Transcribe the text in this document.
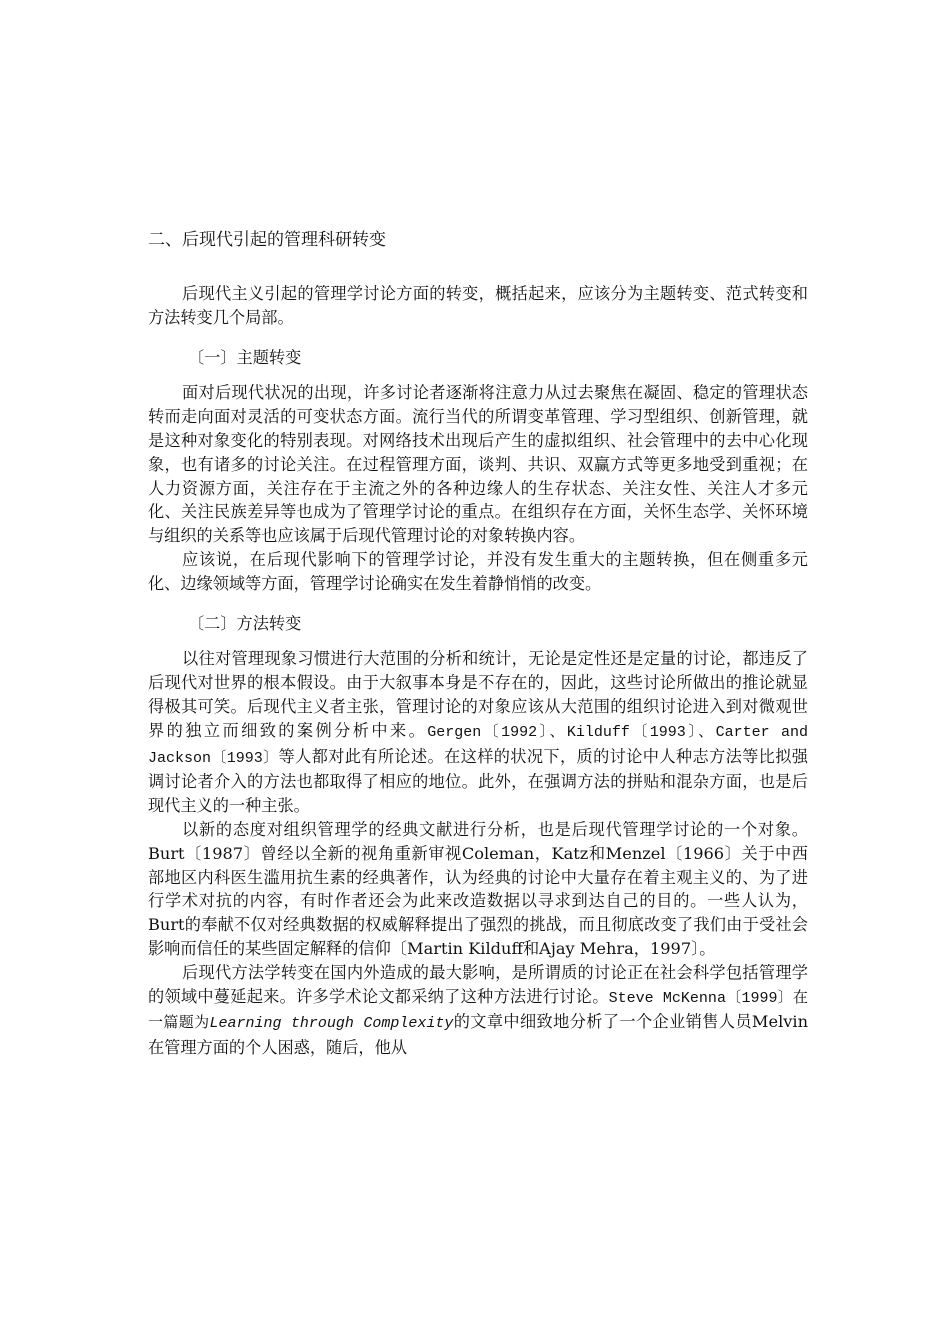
二、后现代引起的管理科研转变

后现代主义引起的管理学讨论方面的转变，概括起来，应该分为主题转变、范式转变和方法转变几个局部。

〔一〕主题转变

面对后现代状况的出现，许多讨论者逐渐将注意力从过去聚焦在凝固、稳定的管理状态转而走向面对灵活的可变状态方面。流行当代的所谓变革管理、学习型组织、创新管理，就是这种对象变化的特别表现。对网络技术出现后产生的虚拟组织、社会管理中的去中心化现象，也有诸多的讨论关注。在过程管理方面，谈判、共识、双赢方式等更多地受到重视；在人力资源方面，关注存在于主流之外的各种边缘人的生存状态、关注女性、关注人才多元化、关注民族差异等也成为了管理学讨论的重点。在组织存在方面，关怀生态学、关怀环境与组织的关系等也应该属于后现代管理讨论的对象转换内容。

应该说，在后现代影响下的管理学讨论，并没有发生重大的主题转换，但在侧重多元化、边缘领域等方面，管理学讨论确实在发生着静悄悄的改变。

〔二〕方法转变

以往对管理现象习惯进行大范围的分析和统计，无论是定性还是定量的讨论，都违反了后现代对世界的根本假设。由于大叙事本身是不存在的，因此，这些讨论所做出的推论就显得极其可笑。后现代主义者主张，管理讨论的对象应该从大范围的组织讨论进入到对微观世界的独立而细致的案例分析中来。Gergen〔1992〕、Kilduff〔1993〕、Carter and Jackson〔1993〕等人都对此有所论述。在这样的状况下，质的讨论中人种志方法等比拟强调讨论者介入的方法也都取得了相应的地位。此外，在强调方法的拼贴和混杂方面，也是后现代主义的一种主张。

以新的态度对组织管理学的经典文献进行分析，也是后现代管理学讨论的一个对象。Burt〔1987〕曾经以全新的视角重新审视Coleman，Katz和Menzel〔1966〕关于中西部地区内科医生滥用抗生素的经典著作，认为经典的讨论中大量存在着主观主义的、为了进行学术对抗的内容，有时作者还会为此来改造数据以寻求到达自己的目的。一些人认为，Burt的奉献不仅对经典数据的权威解释提出了强烈的挑战，而且彻底改变了我们由于受社会影响而信任的某些固定解释的信仰〔Martin Kilduff和Ajay Mehra，1997〕。

后现代方法学转变在国内外造成的最大影响，是所谓质的讨论正在社会科学包括管理学的领域中蔓延起来。许多学术论文都采纳了这种方法进行讨论。Steve McKenna〔1999〕在一篇题为Learning through Complexity的文章中细致地分析了一个企业销售人员Melvin在管理方面的个人困惑，随后，他从
